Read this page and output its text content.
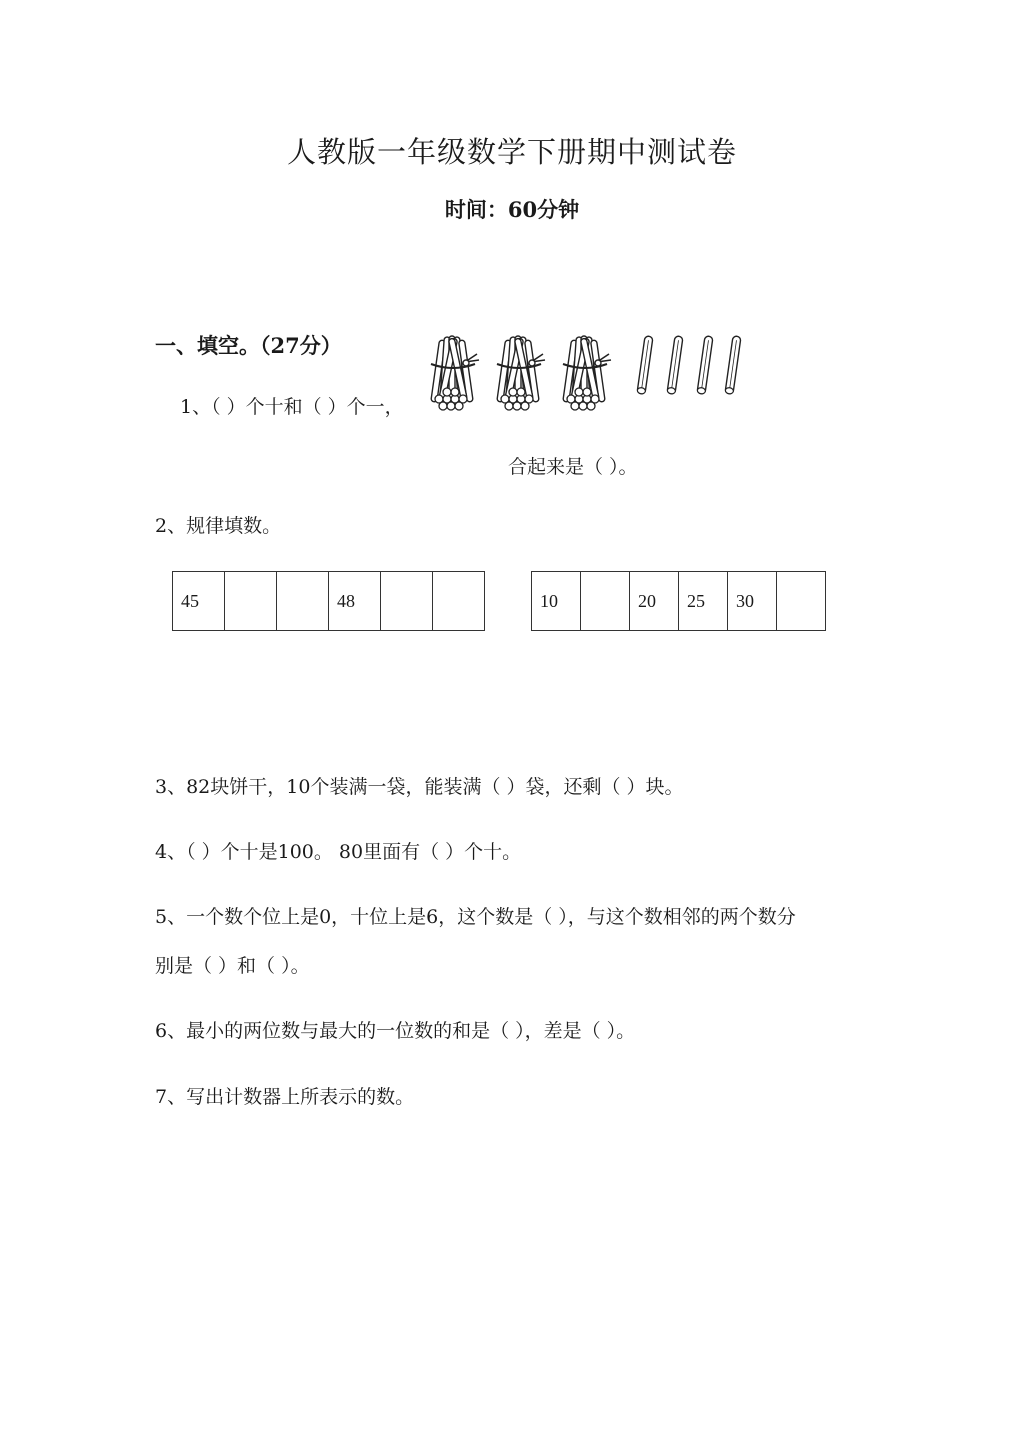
人教版一年级数学下册期中测试卷
时间：60分钟
一、填空。（27分）
1、（ ）个十和（ ）个一，
合起来是（ ）。
2、规律填数。
45			48			10		20	25	30	
3、82块饼干，10个装满一袋，能装满（ ）袋，还剩（ ）块。
4、（ ）个十是100。 80里面有（ ）个十。
5、一个数个位上是0，十位上是6，这个数是（ ），与这个数相邻的两个数分
别是（ ）和（ ）。
6、最小的两位数与最大的一位数的和是（ ），差是（ ）。
7、写出计数器上所表示的数。
